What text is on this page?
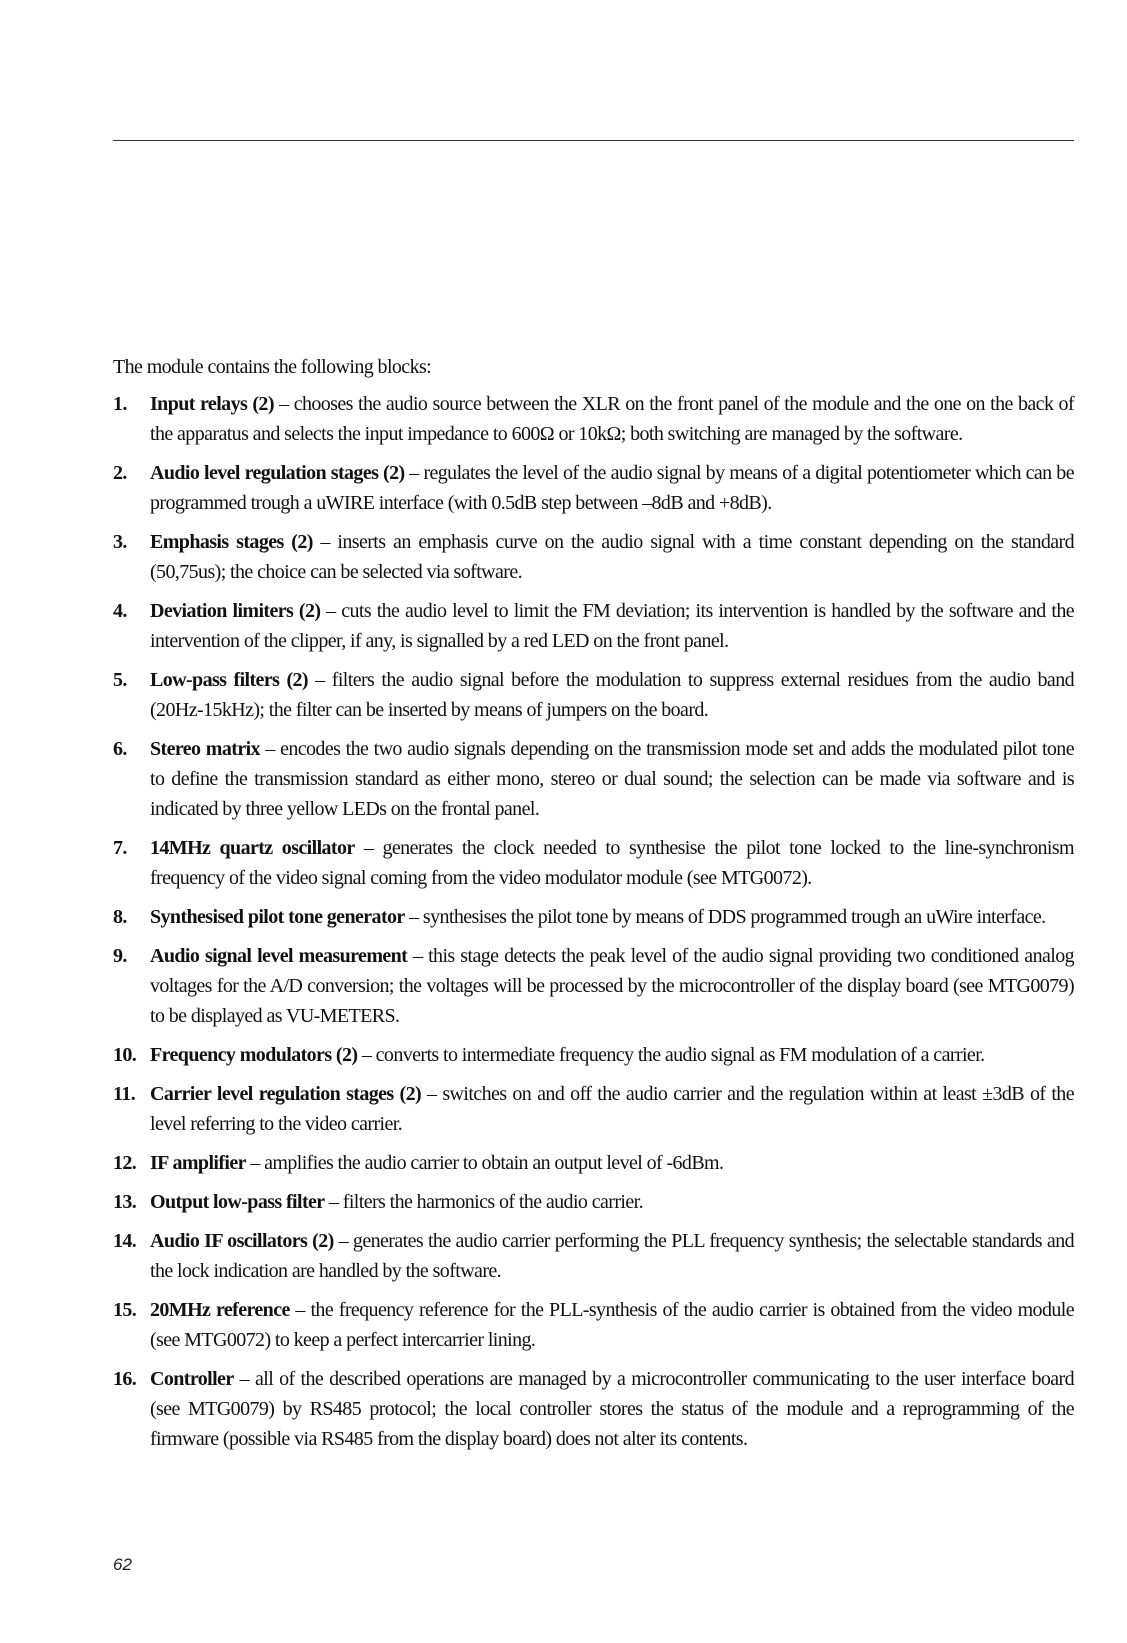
The module contains the following blocks:

1. Input relays (2) – chooses the audio source between the XLR on the front panel of the module and the one on the back of the apparatus and selects the input impedance to 600Ω or 10kΩ; both switching are managed by the software.
2. Audio level regulation stages (2) – regulates the level of the audio signal by means of a digital potentiometer which can be programmed trough a uWIRE interface (with 0.5dB step between –8dB and +8dB).
3. Emphasis stages (2) – inserts an emphasis curve on the audio signal with a time constant depending on the standard (50,75us); the choice can be selected via software.
4. Deviation limiters (2) – cuts the audio level to limit the FM deviation; its intervention is handled by the software and the intervention of the clipper, if any, is signalled by a red LED on the front panel.
5. Low-pass filters (2) – filters the audio signal before the modulation to suppress external residues from the audio band (20Hz-15kHz); the filter can be inserted by means of jumpers on the board.
6. Stereo matrix – encodes the two audio signals depending on the transmission mode set and adds the modulated pilot tone to define the transmission standard as either mono, stereo or dual sound; the selection can be made via software and is indicated by three yellow LEDs on the frontal panel.
7. 14MHz quartz oscillator – generates the clock needed to synthesise the pilot tone locked to the line-synchronism frequency of the video signal coming from the video modulator module (see MTG0072).
8. Synthesised pilot tone generator – synthesises the pilot tone by means of DDS programmed trough an uWire interface.
9. Audio signal level measurement – this stage detects the peak level of the audio signal providing two conditioned analog voltages for the A/D conversion; the voltages will be processed by the microcontroller of the display board (see MTG0079) to be displayed as VU-METERS.
10. Frequency modulators (2) – converts to intermediate frequency the audio signal as FM modulation of a carrier.
11. Carrier level regulation stages (2) – switches on and off the audio carrier and the regulation within at least ±3dB of the level referring to the video carrier.
12. IF amplifier – amplifies the audio carrier to obtain an output level of -6dBm.
13. Output low-pass filter – filters the harmonics of the audio carrier.
14. Audio IF oscillators (2) – generates the audio carrier performing the PLL frequency synthesis; the selectable standards and the lock indication are handled by the software.
15. 20MHz reference – the frequency reference for the PLL-synthesis of the audio carrier is obtained from the video module (see MTG0072) to keep a perfect intercarrier lining.
16. Controller – all of the described operations are managed by a microcontroller communicating to the user interface board (see MTG0079) by RS485 protocol; the local controller stores the status of the module and a reprogramming of the firmware (possible via RS485 from the display board) does not alter its contents.
62
